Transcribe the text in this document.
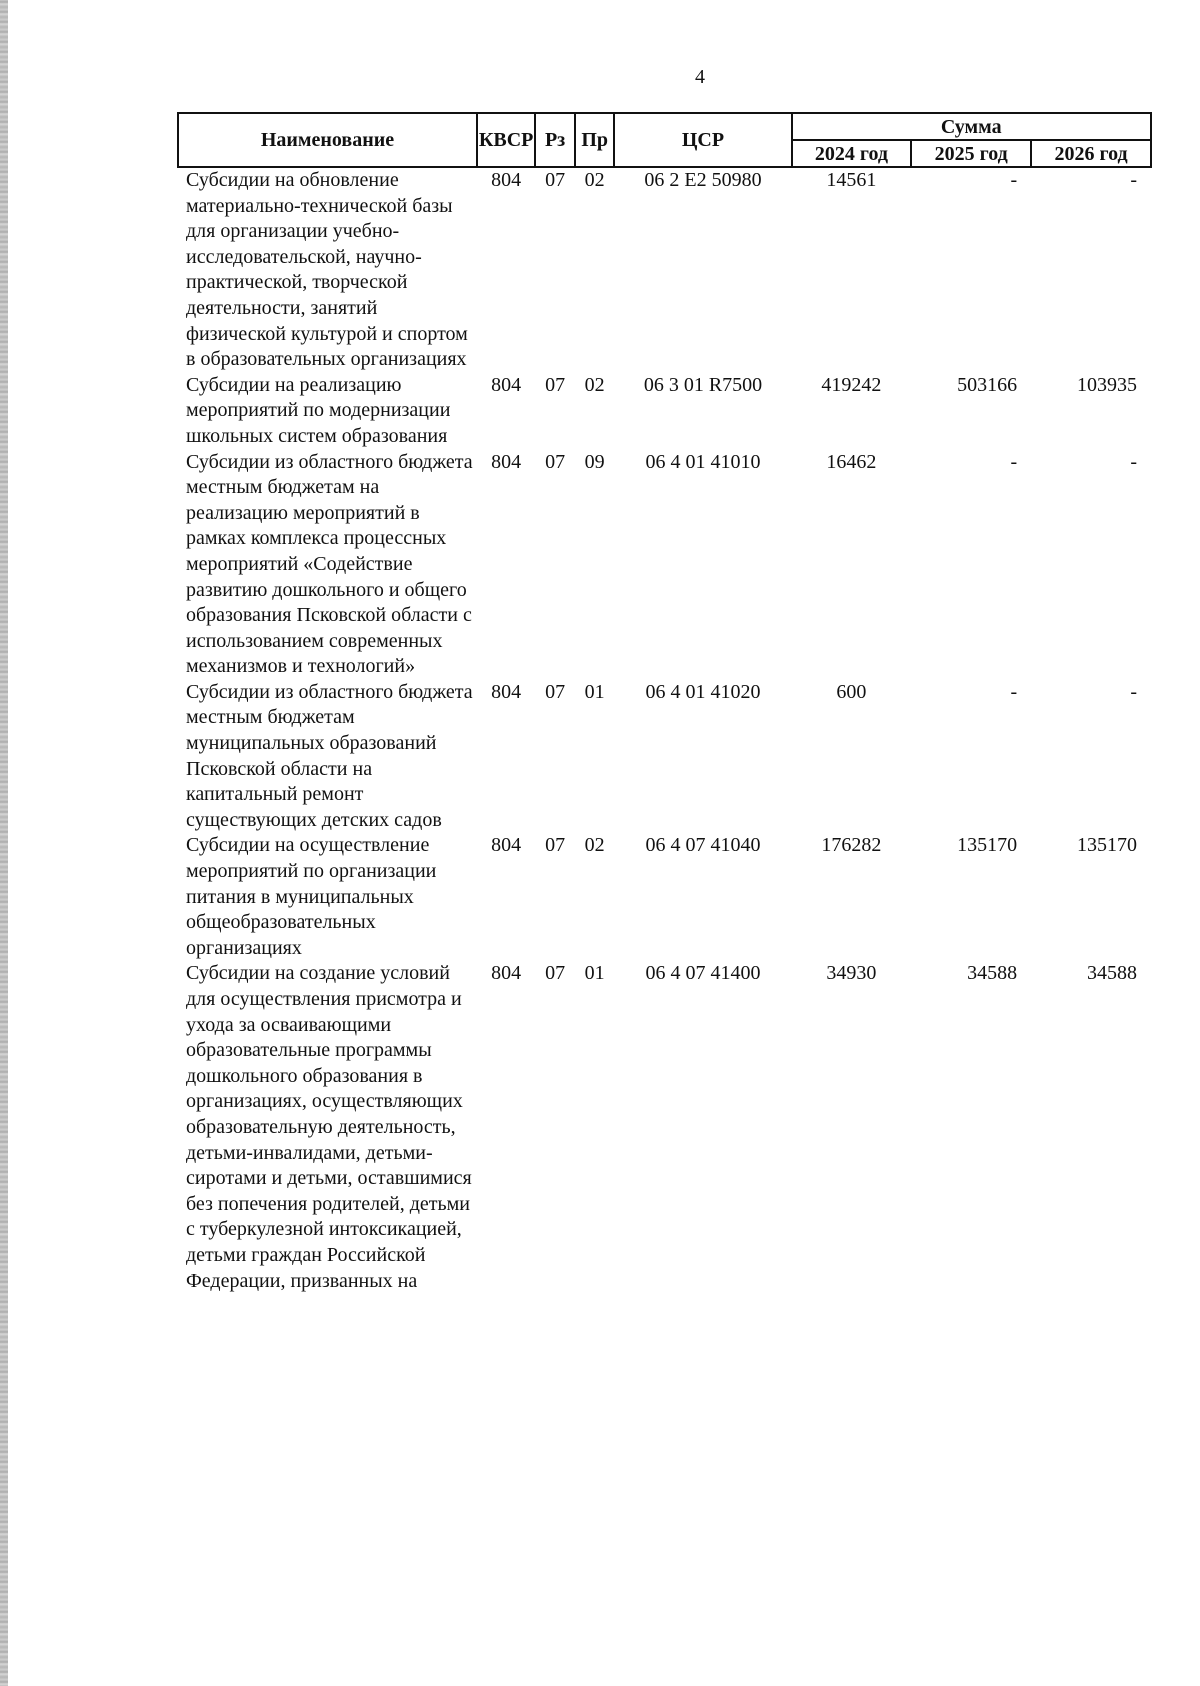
4
Наименование	КВСР	Рз	Пр	ЦСР	Сумма		
					2024 год	2025 год	2026 год
Субсидии на обновление материально-технической базы для организации учебно-исследовательской, научно-практической, творческой деятельности, занятий физической культурой и спортом в образовательных организациях	804	07	02	06 2 E2 50980	14561	-	-
Субсидии на реализацию мероприятий по модернизации школьных систем образования	804	07	02	06 3 01 R7500	419242	503166	103935
Субсидии из областного бюджета местным бюджетам на реализацию мероприятий в рамках комплекса процессных мероприятий «Содействие развитию дошкольного и общего образования Псковской области с использованием современных механизмов и технологий»	804	07	09	06 4 01 41010	16462	-	-
Субсидии из областного бюджета местным бюджетам муниципальных образований Псковской области на капитальный ремонт существующих детских садов	804	07	01	06 4 01 41020	600	-	-
Субсидии на осуществление мероприятий по организации питания в муниципальных общеобразовательных организациях	804	07	02	06 4 07 41040	176282	135170	135170
Субсидии на создание условий для осуществления присмотра и ухода за осваивающими образовательные программы дошкольного образования в организациях, осуществляющих образовательную деятельность, детьми-инвалидами, детьми-сиротами и детьми, оставшимися без попечения родителей, детьми с туберкулезной интоксикацией, детьми граждан Российской Федерации, призванных на	804	07	01	06 4 07 41400	34930	34588	34588
